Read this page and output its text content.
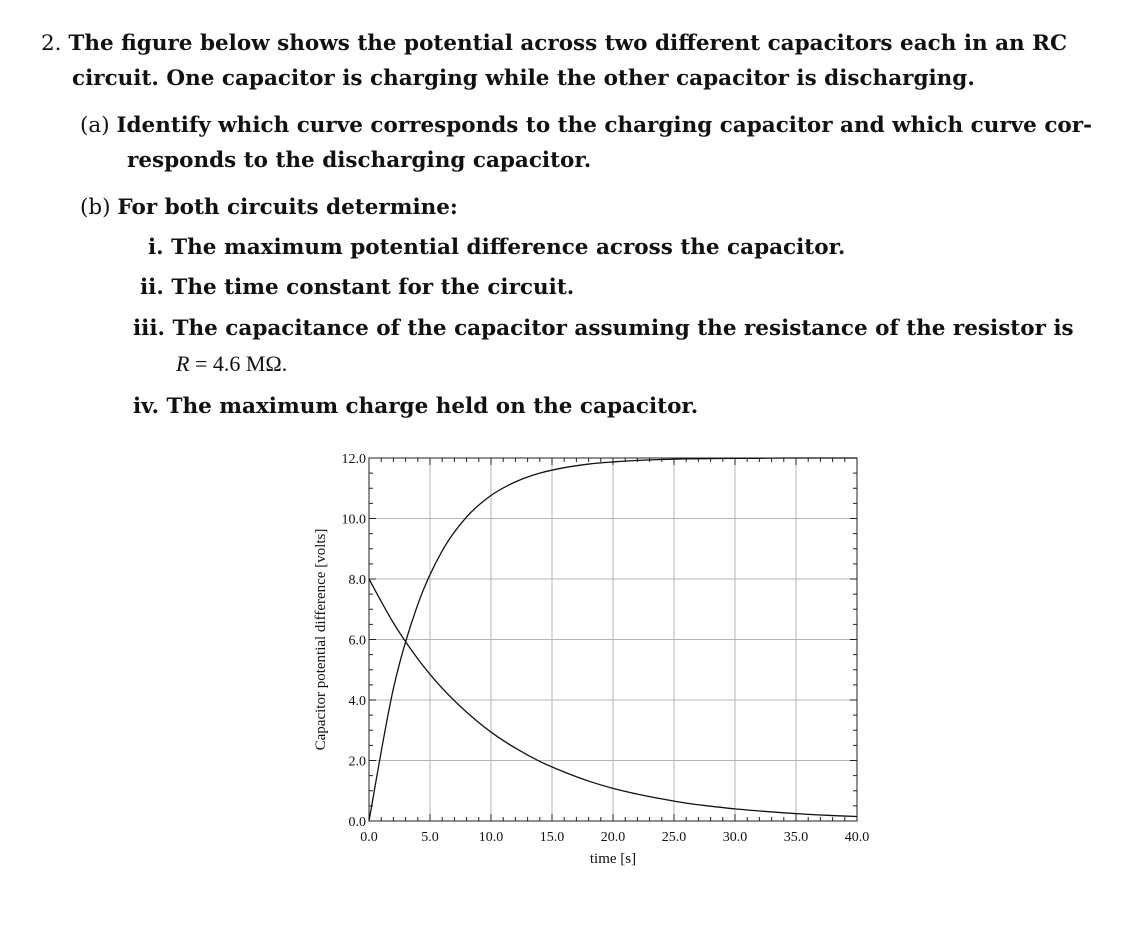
2. The figure below shows the potential across two different capacitors each in an RC
circuit. One capacitor is charging while the other capacitor is discharging.
(a) Identify which curve corresponds to the charging capacitor and which curve cor-
responds to the discharging capacitor.
(b) For both circuits determine:
i. The maximum potential difference across the capacitor.
ii. The time constant for the circuit.
iii. The capacitance of the capacitor assuming the resistance of the resistor is
R = 4.6 MΩ.
iv. The maximum charge held on the capacitor.
0.0	5.0	10.0	15.0	20.0	25.0	30.0	35.0	40.0
0.0
2.0
4.0
6.0
8.0
10.0
12.0
time [s]
Capacitor potential difference [volts]
